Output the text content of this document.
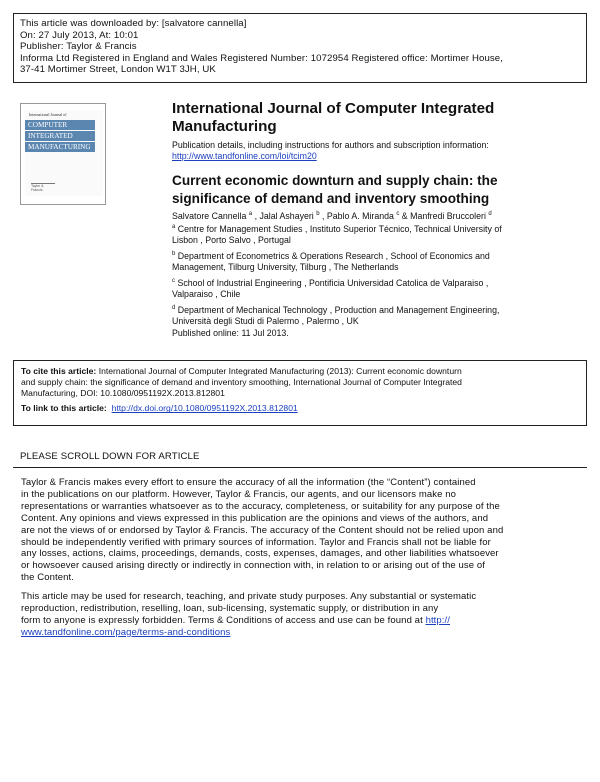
This article was downloaded by: [salvatore cannella]
On: 27 July 2013, At: 10:01
Publisher: Taylor & Francis
Informa Ltd Registered in England and Wales Registered Number: 1072954 Registered office: Mortimer House,
37-41 Mortimer Street, London W1T 3JH, UK
International Journal of
COMPUTER
INTEGRATED
MANUFACTURING
Taylor & Francis
International Journal of Computer Integrated
Manufacturing
Publication details, including instructions for authors and subscription information:
http://www.tandfonline.com/loi/tcim20
Current economic downturn and supply chain: the
significance of demand and inventory smoothing
Salvatore Cannella $^a$ , Jalal Ashayeri $^b$ , Pablo A. Miranda $^c$ & Manfredi Bruccoleri $^d$
$^a$ Centre for Management Studies , Instituto Superior Técnico, Technical University of
Lisbon , Porto Salvo , Portugal
$^b$ Department of Econometrics & Operations Research , School of Economics and
Management, Tilburg University, Tilburg , The Netherlands
$^c$ School of Industrial Engineering , Pontificia Universidad Catolica de Valparaiso ,
Valparaiso , Chile
$^d$ Department of Mechanical Technology , Production and Management Engineering,
Università degli Studi di Palermo , Palermo , UK
Published online: 11 Jul 2013.
To cite this article: International Journal of Computer Integrated Manufacturing (2013): Current economic downturn
and supply chain: the significance of demand and inventory smoothing, International Journal of Computer Integrated
Manufacturing, DOI: 10.1080/0951192X.2013.812801
To link to this article: http://dx.doi.org/10.1080/0951192X.2013.812801
PLEASE SCROLL DOWN FOR ARTICLE
Taylor & Francis makes every effort to ensure the accuracy of all the information (the “Content”) contained
in the publications on our platform. However, Taylor & Francis, our agents, and our licensors make no
representations or warranties whatsoever as to the accuracy, completeness, or suitability for any purpose of the
Content. Any opinions and views expressed in this publication are the opinions and views of the authors, and
are not the views of or endorsed by Taylor & Francis. The accuracy of the Content should not be relied upon and
should be independently verified with primary sources of information. Taylor and Francis shall not be liable for
any losses, actions, claims, proceedings, demands, costs, expenses, damages, and other liabilities whatsoever
or howsoever caused arising directly or indirectly in connection with, in relation to or arising out of the use of
the Content.
This article may be used for research, teaching, and private study purposes. Any substantial or systematic
reproduction, redistribution, reselling, loan, sub-licensing, systematic supply, or distribution in any
form to anyone is expressly forbidden. Terms & Conditions of access and use can be found at http://
www.tandfonline.com/page/terms-and-conditions
